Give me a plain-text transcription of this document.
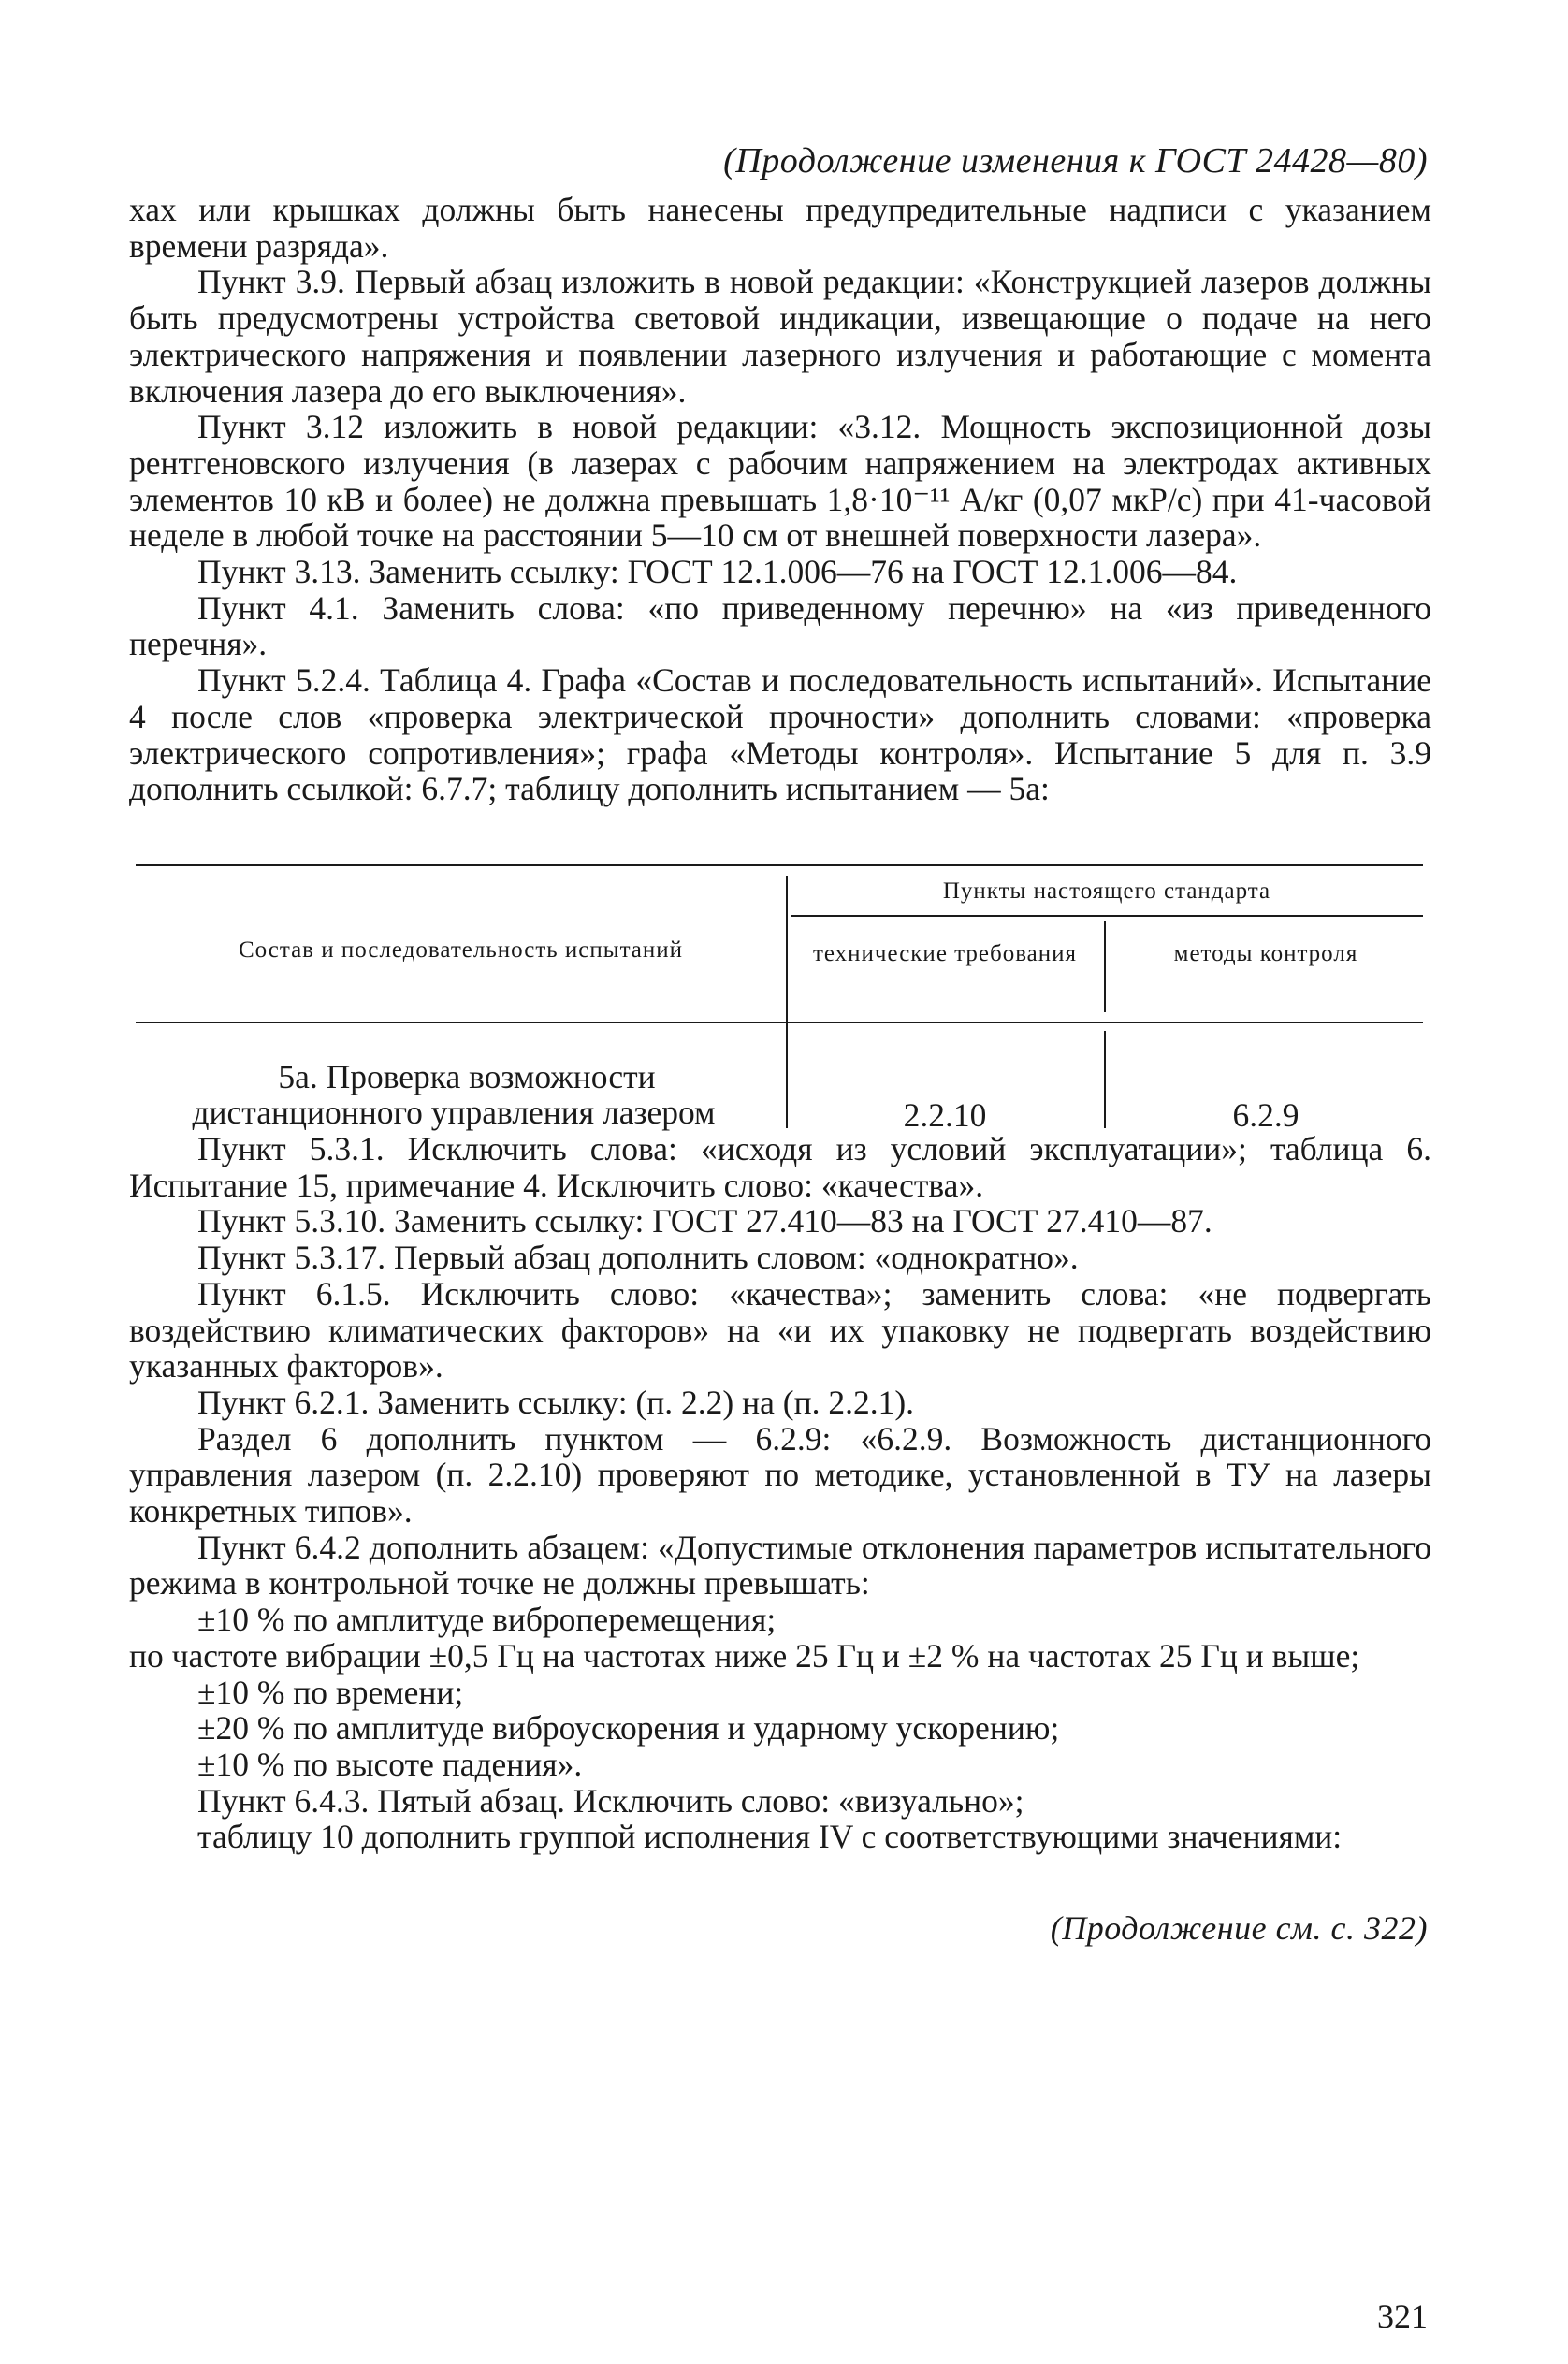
(Продолжение изменения к ГОСТ 24428—80)

хах или крышках должны быть нанесены предупредительные надписи с указанием времени разряда».

Пункт 3.9. Первый абзац изложить в новой редакции: «Конструкцией лазеров должны быть предусмотрены устройства световой индикации, извещающие о подаче на него электрического напряжения и появлении лазерного излучения и работающие с момента включения лазера до его выключения».

Пункт 3.12 изложить в новой редакции: «3.12. Мощность экспозиционной дозы рентгеновского излучения (в лазерах с рабочим напряжением на электродах активных элементов 10 кВ и более) не должна превышать 1,8·10⁻¹¹ А/кг (0,07 мкР/с) при 41-часовой неделе в любой точке на расстоянии 5—10 см от внешней поверхности лазера».

Пункт 3.13. Заменить ссылку: ГОСТ 12.1.006—76 на ГОСТ 12.1.006—84.

Пункт 4.1. Заменить слова: «по приведенному перечню» на «из приведенного перечня».

Пункт 5.2.4. Таблица 4. Графа «Состав и последовательность испытаний». Испытание 4 после слов «проверка электрической прочности» дополнить словами: «проверка электрического сопротивления»; графа «Методы контроля». Испытание 5 для п. 3.9 дополнить ссылкой: 6.7.7; таблицу дополнить испытанием — 5а:

Состав и последовательность испытаний
Пункты настоящего стандарта
технические требования	методы контроля
5а. Проверка возможности дистанционного управления лазером	2.2.10	6.2.9

Пункт 5.3.1. Исключить слова: «исходя из условий эксплуатации»; таблица 6. Испытание 15, примечание 4. Исключить слово: «качества».

Пункт 5.3.10. Заменить ссылку: ГОСТ 27.410—83 на ГОСТ 27.410—87.

Пункт 5.3.17. Первый абзац дополнить словом: «однократно».

Пункт 6.1.5. Исключить слово: «качества»; заменить слова: «не подвергать воздействию климатических факторов» на «и их упаковку не подвергать воздействию указанных факторов».

Пункт 6.2.1. Заменить ссылку: (п. 2.2) на (п. 2.2.1).

Раздел 6 дополнить пунктом — 6.2.9: «6.2.9. Возможность дистанционного управления лазером (п. 2.2.10) проверяют по методике, установленной в ТУ на лазеры конкретных типов».

Пункт 6.4.2 дополнить абзацем: «Допустимые отклонения параметров испытательного режима в контрольной точке не должны превышать:

±10 % по амплитуде виброперемещения;

по частоте вибрации ±0,5 Гц на частотах ниже 25 Гц и ±2 % на частотах 25 Гц и выше;

±10 % по времени;

±20 % по амплитуде виброускорения и ударному ускорению;

±10 % по высоте падения».

Пункт 6.4.3. Пятый абзац. Исключить слово: «визуально»;

таблицу 10 дополнить группой исполнения IV с соответствующими значениями:

(Продолжение см. с. 322)
321
